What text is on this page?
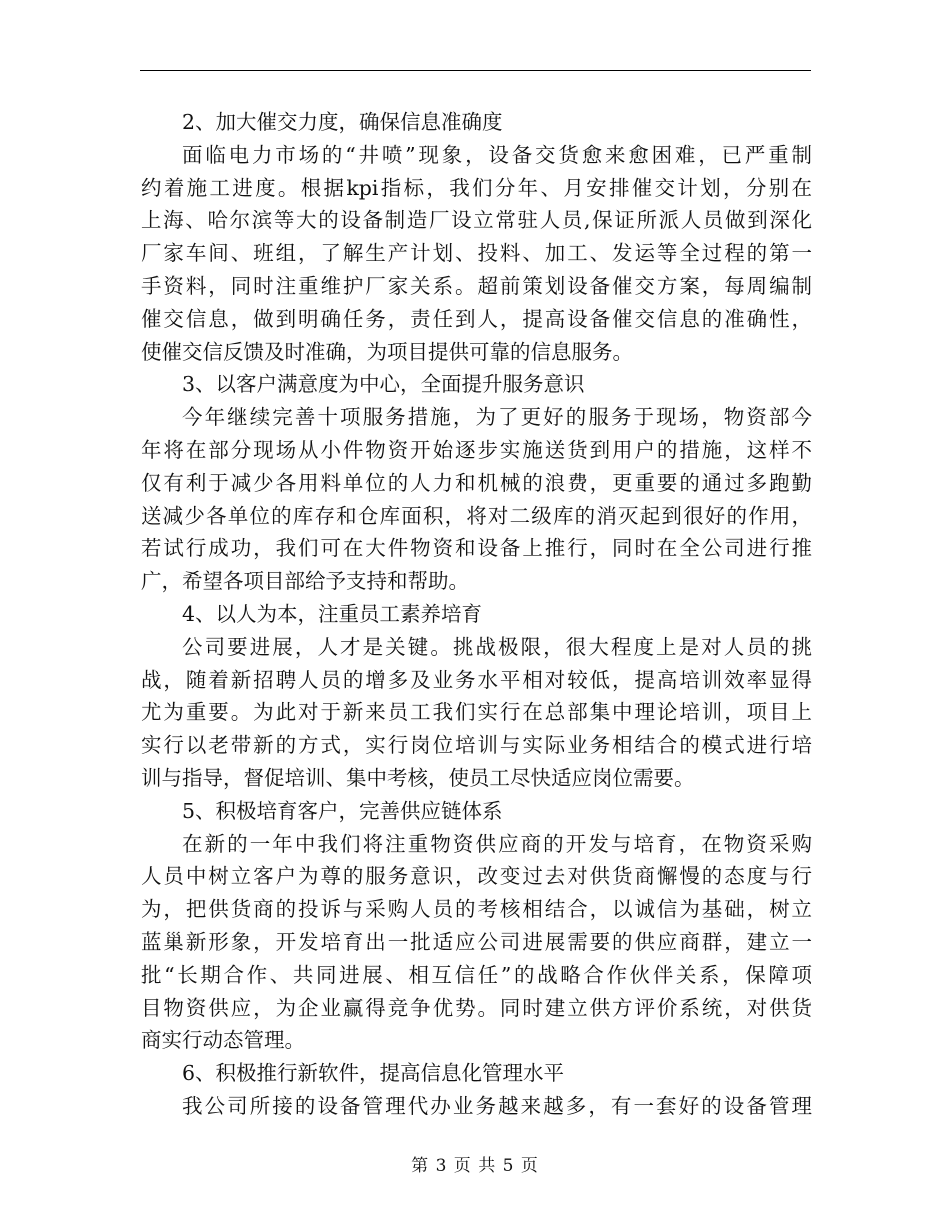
2、加大催交力度，确保信息准确度
面临电力市场的“井喷”现象，设备交货愈来愈困难，已严重制
约着施工进度。根据kpi指标，我们分年、月安排催交计划，分别在
上海、哈尔滨等大的设备制造厂设立常驻人员,保证所派人员做到深化
厂家车间、班组，了解生产计划、投料、加工、发运等全过程的第一
手资料，同时注重维护厂家关系。超前策划设备催交方案，每周编制
催交信息，做到明确任务，责任到人，提高设备催交信息的准确性，
使催交信反馈及时准确，为项目提供可靠的信息服务。
3、以客户满意度为中心，全面提升服务意识
今年继续完善十项服务措施，为了更好的服务于现场，物资部今
年将在部分现场从小件物资开始逐步实施送货到用户的措施，这样不
仅有利于减少各用料单位的人力和机械的浪费，更重要的通过多跑勤
送减少各单位的库存和仓库面积，将对二级库的消灭起到很好的作用，
若试行成功，我们可在大件物资和设备上推行，同时在全公司进行推
广，希望各项目部给予支持和帮助。
4、以人为本，注重员工素养培育
公司要进展，人才是关键。挑战极限，很大程度上是对人员的挑
战，随着新招聘人员的增多及业务水平相对较低，提高培训效率显得
尤为重要。为此对于新来员工我们实行在总部集中理论培训，项目上
实行以老带新的方式，实行岗位培训与实际业务相结合的模式进行培
训与指导，督促培训、集中考核，使员工尽快适应岗位需要。
5、积极培育客户，完善供应链体系
在新的一年中我们将注重物资供应商的开发与培育，在物资采购
人员中树立客户为尊的服务意识，改变过去对供货商懈慢的态度与行
为，把供货商的投诉与采购人员的考核相结合，以诚信为基础，树立
蓝巢新形象，开发培育出一批适应公司进展需要的供应商群，建立一
批“长期合作、共同进展、相互信任”的战略合作伙伴关系，保障项
目物资供应，为企业赢得竞争优势。同时建立供方评价系统，对供货
商实行动态管理。
6、积极推行新软件，提高信息化管理水平
我公司所接的设备管理代办业务越来越多，有一套好的设备管理
第 3 页 共 5 页
